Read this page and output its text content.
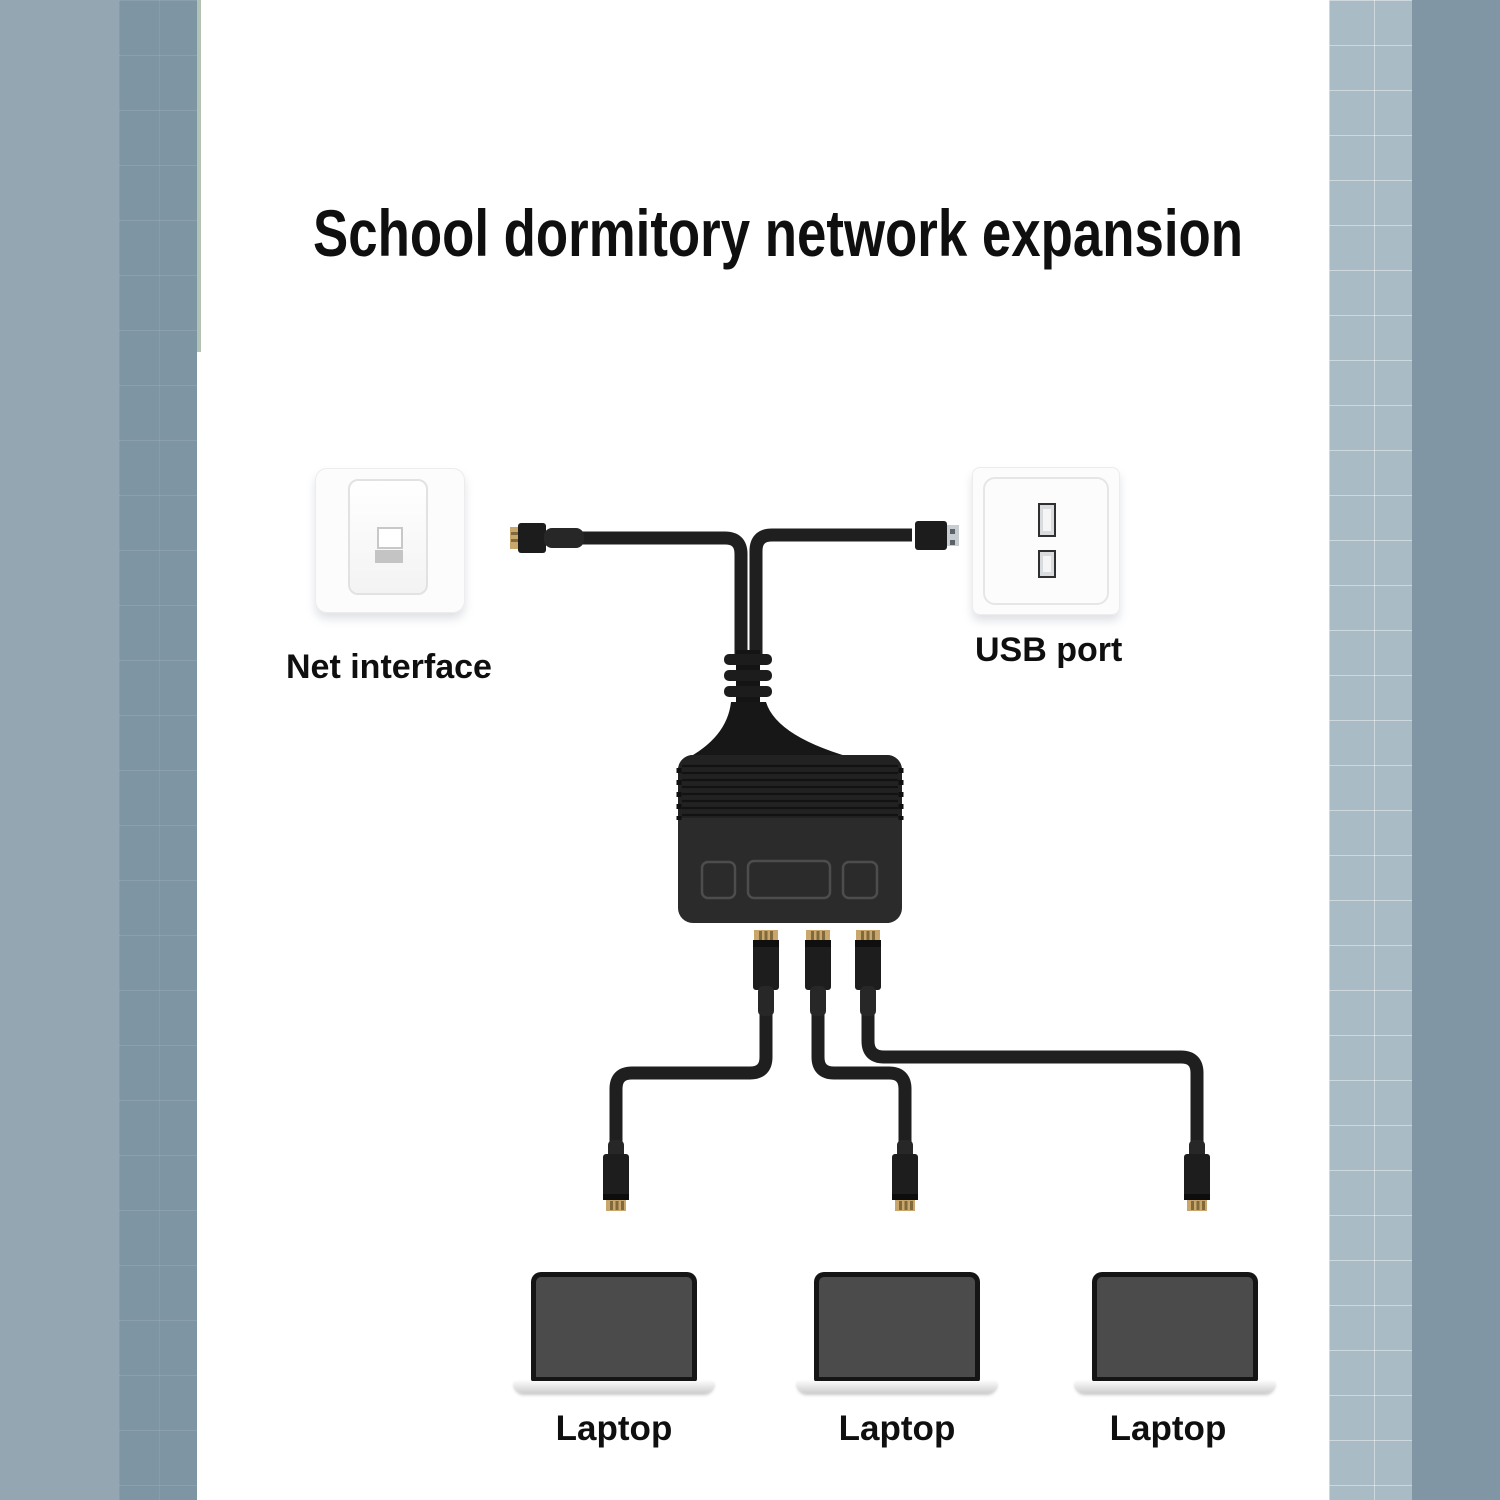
School dormitory network expansion
Net interface	USB port
Laptop	Laptop	Laptop
